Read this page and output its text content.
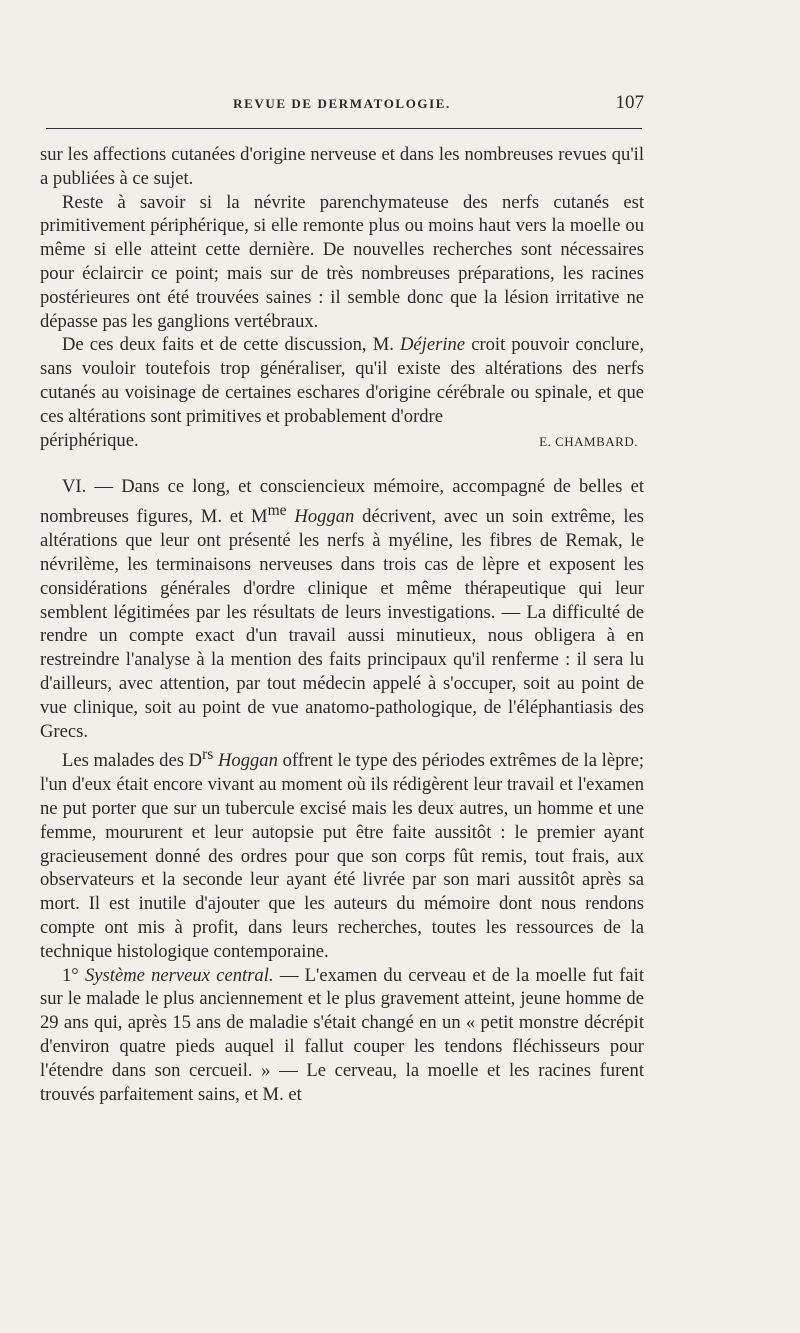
REVUE DE DERMATOLOGIE.	107

sur les affections cutanées d'origine nerveuse et dans les nombreuses revues qu'il a publiées à ce sujet.

Reste à savoir si la névrite parenchymateuse des nerfs cutanés est primitivement périphérique, si elle remonte plus ou moins haut vers la moelle ou même si elle atteint cette dernière. De nouvelles recherches sont nécessaires pour éclaircir ce point; mais sur de très nombreuses préparations, les racines postérieures ont été trouvées saines : il semble donc que la lésion irritative ne dépasse pas les ganglions vertébraux.

De ces deux faits et de cette discussion, M. Déjerine croit pouvoir conclure, sans vouloir toutefois trop généraliser, qu'il existe des altérations des nerfs cutanés au voisinage de certaines eschares d'origine cérébrale ou spinale, et que ces altérations sont primitives et probablement d'ordre

périphérique.	E. CHAMBARD.

VI. — Dans ce long, et consciencieux mémoire, accompagné de belles et nombreuses figures, M. et $M^{me}$ Hoggan décrivent, avec un soin extrême, les altérations que leur ont présenté les nerfs à myéline, les fibres de Remak, le névrilème, les terminaisons nerveuses dans trois cas de lèpre et exposent les considérations générales d'ordre clinique et même thérapeutique qui leur semblent légitimées par les résultats de leurs investigations. — La difficulté de rendre un compte exact d'un travail aussi minutieux, nous obligera à en restreindre l'analyse à la mention des faits principaux qu'il renferme : il sera lu d'ailleurs, avec attention, par tout médecin appelé à s'occuper, soit au point de vue clinique, soit au point de vue anatomo-pathologique, de l'éléphantiasis des Grecs.

Les malades des $D^{rs}$ Hoggan offrent le type des périodes extrêmes de la lèpre; l'un d'eux était encore vivant au moment où ils rédigèrent leur travail et l'examen ne put porter que sur un tubercule excisé mais les deux autres, un homme et une femme, moururent et leur autopsie put être faite aussitôt : le premier ayant gracieusement donné des ordres pour que son corps fût remis, tout frais, aux observateurs et la seconde leur ayant été livrée par son mari aussitôt après sa mort. Il est inutile d'ajouter que les auteurs du mémoire dont nous rendons compte ont mis à profit, dans leurs recherches, toutes les ressources de la technique histologique contemporaine.

1° Système nerveux central. — L'examen du cerveau et de la moelle fut fait sur le malade le plus anciennement et le plus gravement atteint, jeune homme de 29 ans qui, après 15 ans de maladie s'était changé en un « petit monstre décrépit d'environ quatre pieds auquel il fallut couper les tendons fléchisseurs pour l'étendre dans son cercueil. » — Le cerveau, la moelle et les racines furent trouvés parfaitement sains, et M. et
